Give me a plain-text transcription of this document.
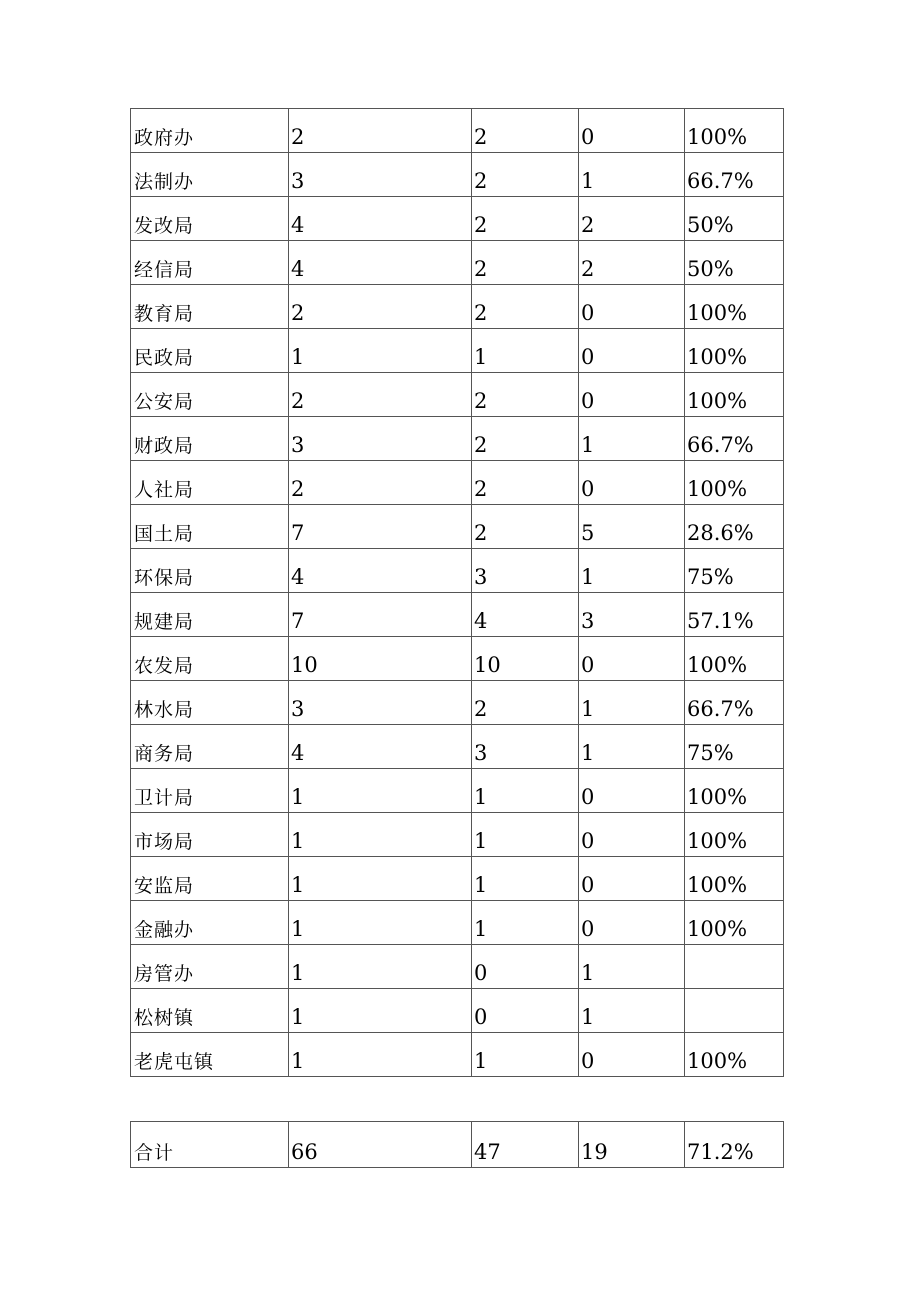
政府办	2	2	0	100%
法制办	3	2	1	66.7%
发改局	4	2	2	50%
经信局	4	2	2	50%
教育局	2	2	0	100%
民政局	1	1	0	100%
公安局	2	2	0	100%
财政局	3	2	1	66.7%
人社局	2	2	0	100%
国土局	7	2	5	28.6%
环保局	4	3	1	75%
规建局	7	4	3	57.1%
农发局	10	10	0	100%
林水局	3	2	1	66.7%
商务局	4	3	1	75%
卫计局	1	1	0	100%
市场局	1	1	0	100%
安监局	1	1	0	100%
金融办	1	1	0	100%
房管办	1	0	1	
松树镇	1	0	1	
老虎屯镇	1	1	0	100%
合计	66	47	19	71.2%
